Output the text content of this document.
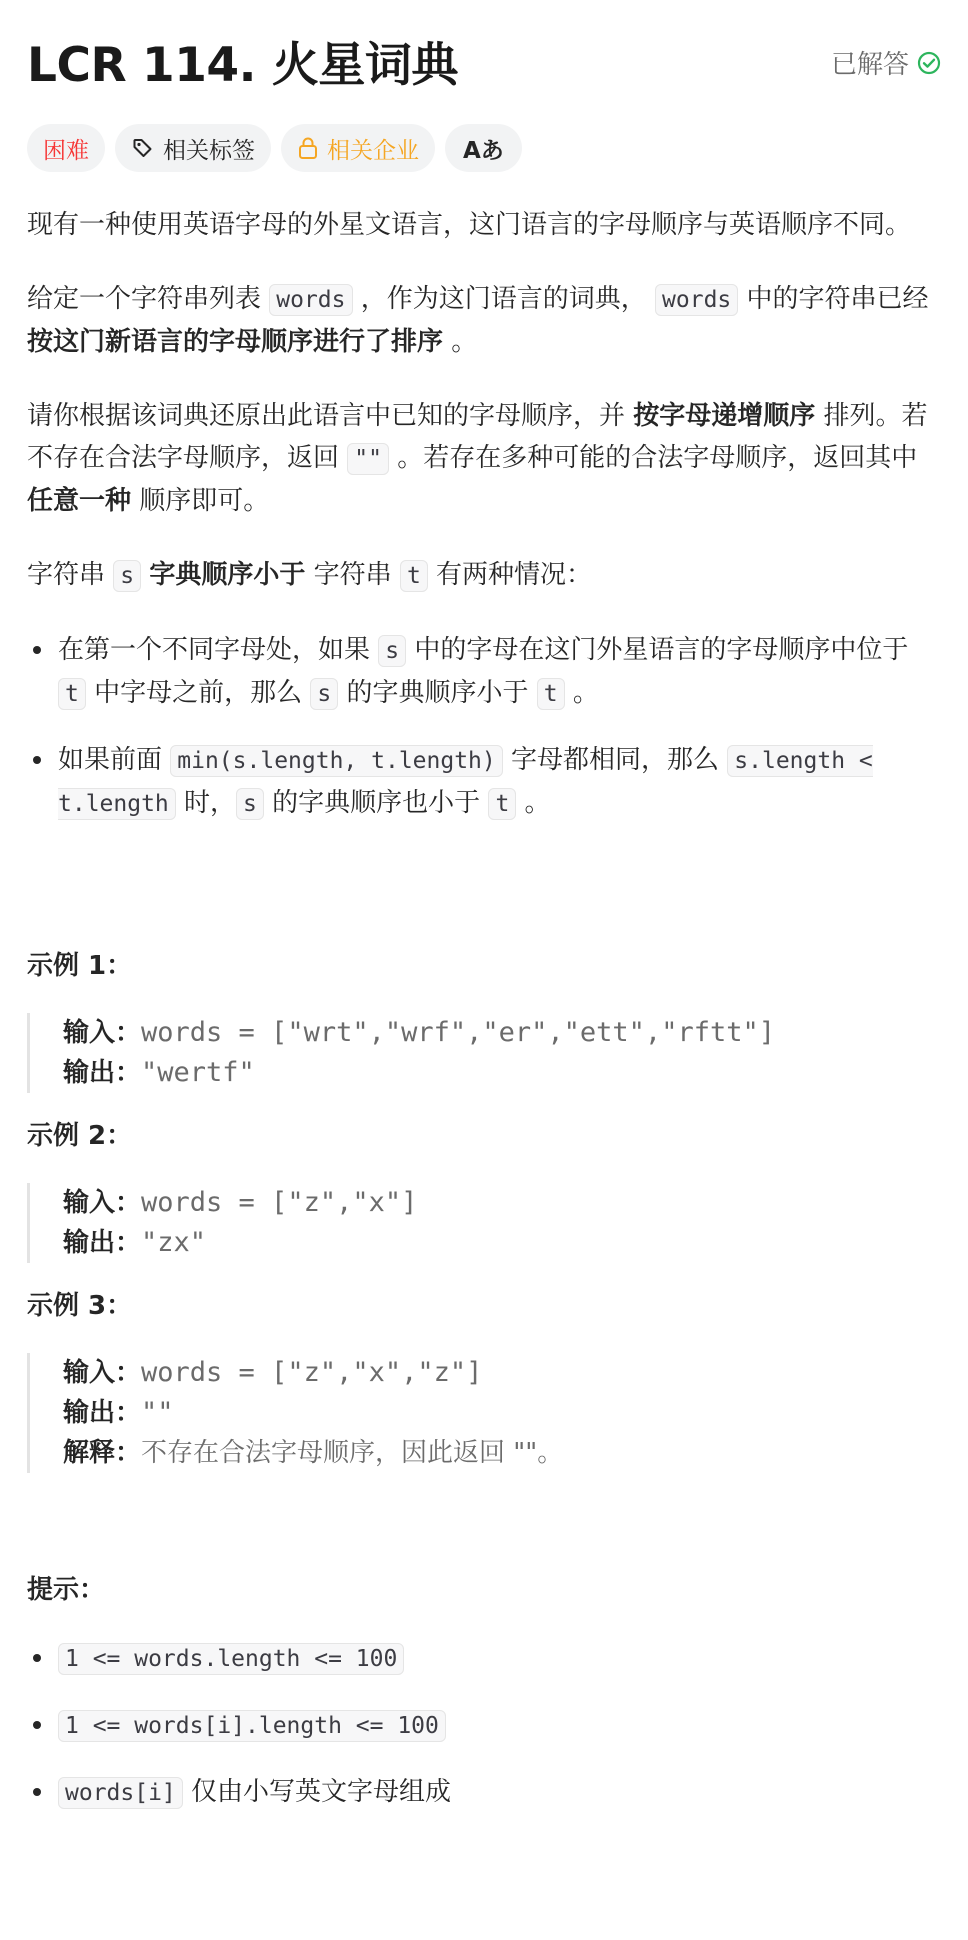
LCR 114. 火星词典	已解答
困难	相关标签	相关企业 Aあ

现有一种使用英语字母的外星文语言，这门语言的字母顺序与英语顺序不同。

给定一个字符串列表 words ，作为这门语言的词典， words 中的字符串已经 按这门新语言的字母顺序进行了排序 。

请你根据该词典还原出此语言中已知的字母顺序，并 按字母递增顺序 排列。若不存在合法字母顺序，返回 "" 。若存在多种可能的合法字母顺序，返回其中 任意一种 顺序即可。

字符串 s 字典顺序小于 字符串 t 有两种情况：

在第一个不同字母处，如果 s 中的字母在这门外星语言的字母顺序中位于 t 中字母之前，那么 s 的字典顺序小于 t 。
如果前面 min(s.length, t.length) 字母都相同，那么 s.length < t.length 时， s 的字典顺序也小于 t 。
示例 1：
输入：words = ["wrt","wrf","er","ett","rftt"]
输出："wertf"
示例 2：
输入：words = ["z","x"]
输出："zx"
示例 3：
输入：words = ["z","x","z"]
输出：""
解释：不存在合法字母顺序，因此返回 ""。
提示：
1 <= words.length <= 100
1 <= words[i].length <= 100
words[i] 仅由小写英文字母组成
